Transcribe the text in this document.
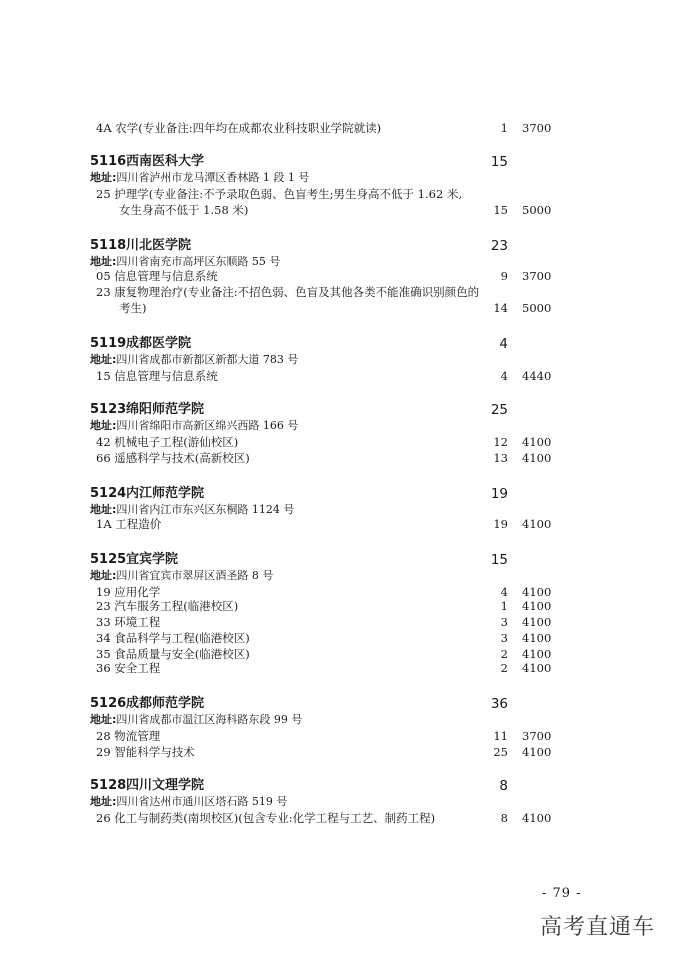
4A 农学(专业备注:四年均在成都农业科技职业学院就读)	1 3700
5116 西南医科大学	15
地址:四川省泸州市龙马潭区香林路 1 段 1 号
25 护理学(专业备注:不予录取色弱、色盲考生;男生身高不低于 1.62 米,
女生身高不低于 1.58 米)	15 5000
5118 川北医学院	23
地址:四川省南充市高坪区东顺路 55 号
05 信息管理与信息系统	9 3700
23 康复物理治疗(专业备注:不招色弱、色盲及其他各类不能准确识别颜色的
考生)	14 5000
5119 成都医学院	4
地址:四川省成都市新都区新都大道 783 号
15 信息管理与信息系统	4 4440
5123 绵阳师范学院	25
地址:四川省绵阳市高新区绵兴西路 166 号
42 机械电子工程(游仙校区)	12 4100
66 遥感科学与技术(高新校区)	13 4100
5124 内江师范学院	19
地址:四川省内江市东兴区东桐路 1124 号
1A 工程造价	19 4100
5125 宜宾学院	15
地址:四川省宜宾市翠屏区酒圣路 8 号
19 应用化学	4 4100
23 汽车服务工程(临港校区)	1 4100
33 环境工程	3 4100
34 食品科学与工程(临港校区)	3 4100
35 食品质量与安全(临港校区)	2 4100
36 安全工程	2 4100
5126 成都师范学院	36
地址:四川省成都市温江区海科路东段 99 号
28 物流管理	11 3700
29 智能科学与技术	25 4100
5128 四川文理学院	8
地址:四川省达州市通川区塔石路 519 号
26 化工与制药类(南坝校区)(包含专业:化学工程与工艺、制药工程)	8 4100
- 79 -
高考直通车
